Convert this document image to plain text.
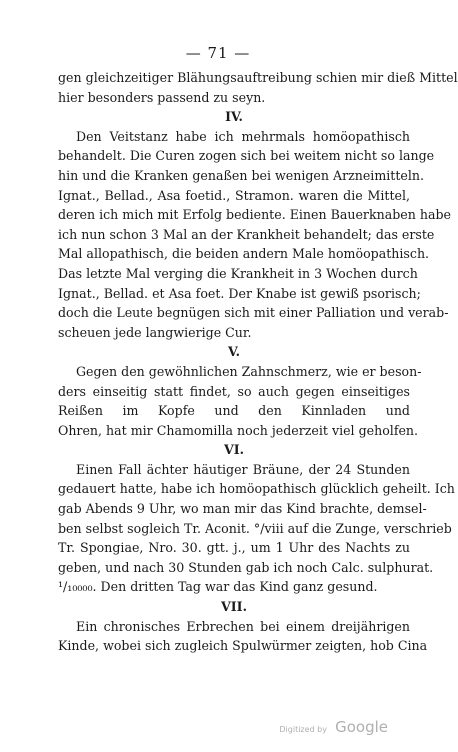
— 71 —
gen gleichzeitiger Blähungsauftreibung schien mir dieß Mittel
hier besonders passend zu seyn.
IV.
Den Veitstanz habe ich mehrmals homöopathisch
behandelt. Die Curen zogen sich bei weitem nicht so lange
hin und die Kranken genaßen bei wenigen Arzneimitteln.
Ignat., Bellad., Asa foetid., Stramon. waren die Mittel,
deren ich mich mit Erfolg bediente. Einen Bauerknaben habe
ich nun schon 3 Mal an der Krankheit behandelt; das erste
Mal allopathisch, die beiden andern Male homöopathisch.
Das letzte Mal verging die Krankheit in 3 Wochen durch
Ignat., Bellad. et Asa foet. Der Knabe ist gewiß psorisch;
doch die Leute begnügen sich mit einer Palliation und verab-
scheuen jede langwierige Cur.
V.
Gegen den gewöhnlichen Zahnschmerz, wie er beson-
ders einseitig statt findet, so auch gegen einseitiges
Reißen im Kopfe und den Kinnladen und
Ohren, hat mir Chamomilla noch jederzeit viel geholfen.
VI.
Einen Fall ächter häutiger Bräune, der 24 Stunden
gedauert hatte, habe ich homöopathisch glücklich geheilt. Ich
gab Abends 9 Uhr, wo man mir das Kind brachte, demsel-
ben selbst sogleich Tr. Aconit. °/viii auf die Zunge, verschrieb
Tr. Spongiae, Nro. 30. gtt. j., um 1 Uhr des Nachts zu
geben, und nach 30 Stunden gab ich noch Calc. sulphurat.
¹/₁₀₀₀₀. Den dritten Tag war das Kind ganz gesund.
VII.
Ein chronisches Erbrechen bei einem dreijährigen
Kinde, wobei sich zugleich Spulwürmer zeigten, hob Cina
Digitized by Google
